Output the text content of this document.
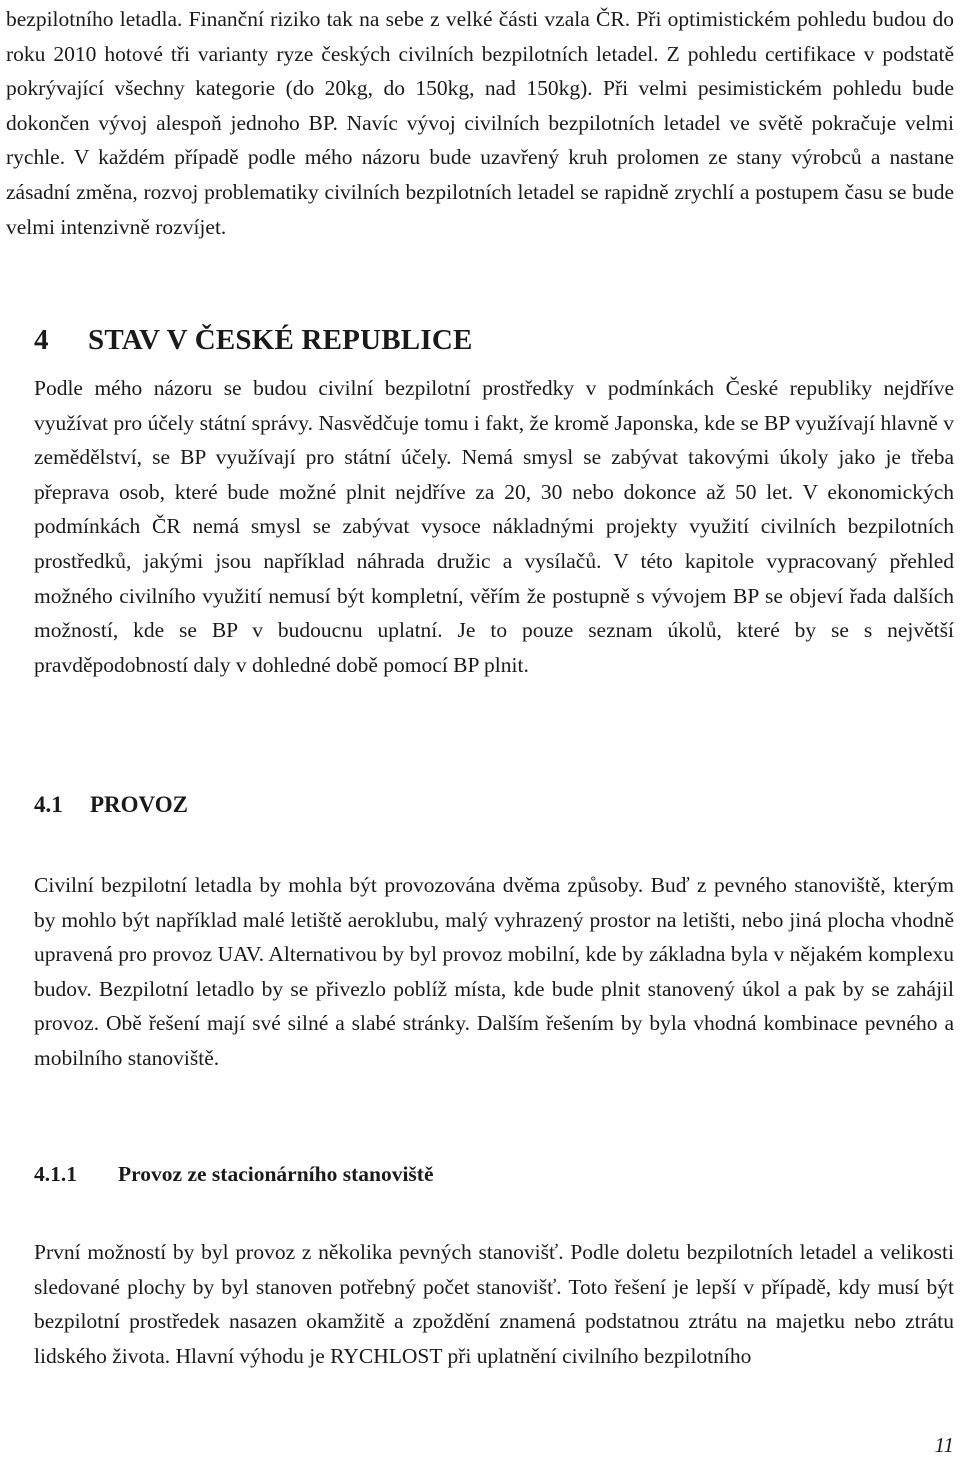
bezpilotního letadla. Finanční riziko tak na sebe z velké části vzala ČR. Při optimistickém pohledu budou do roku 2010 hotové tři varianty ryze českých civilních bezpilotních letadel. Z pohledu certifikace v podstatě pokrývající všechny kategorie (do 20kg, do 150kg, nad 150kg). Při velmi pesimistickém pohledu bude dokončen vývoj alespoň jednoho BP. Navíc vývoj civilních bezpilotních letadel ve světě pokračuje velmi rychle. V každém případě podle mého názoru bude uzavřený kruh prolomen ze stany výrobců a nastane zásadní změna, rozvoj problematiky civilních bezpilotních letadel se rapidně zrychlí a postupem času se bude velmi intenzivně rozvíjet.

4 STAV V ČESKÉ REPUBLICE

Podle mého názoru se budou civilní bezpilotní prostředky v podmínkách České republiky nejdříve využívat pro účely státní správy. Nasvědčuje tomu i fakt, že kromě Japonska, kde se BP využívají hlavně v zemědělství, se BP využívají pro státní účely. Nemá smysl se zabývat takovými úkoly jako je třeba přeprava osob, které bude možné plnit nejdříve za 20, 30 nebo dokonce až 50 let. V ekonomických podmínkách ČR nemá smysl se zabývat vysoce nákladnými projekty využití civilních bezpilotních prostředků, jakými jsou například náhrada družic a vysílačů. V této kapitole vypracovaný přehled možného civilního využití nemusí být kompletní, věřím že postupně s vývojem BP se objeví řada dalších možností, kde se BP v budoucnu uplatní. Je to pouze seznam úkolů, které by se s největší pravděpodobností daly v dohledné době pomocí BP plnit.

4.1 PROVOZ

Civilní bezpilotní letadla by mohla být provozována dvěma způsoby. Buď z pevného stanoviště, kterým by mohlo být například malé letiště aeroklubu, malý vyhrazený prostor na letišti, nebo jiná plocha vhodně upravená pro provoz UAV. Alternativou by byl provoz mobilní, kde by základna byla v nějakém komplexu budov. Bezpilotní letadlo by se přivezlo poblíž místa, kde bude plnit stanovený úkol a pak by se zahájil provoz. Obě řešení mají své silné a slabé stránky. Dalším řešením by byla vhodná kombinace pevného a mobilního stanoviště.

4.1.1 Provoz ze stacionárního stanoviště

První možností by byl provoz z několika pevných stanovišť. Podle doletu bezpilotních letadel a velikosti sledované plochy by byl stanoven potřebný počet stanovišť. Toto řešení je lepší v případě, kdy musí být bezpilotní prostředek nasazen okamžitě a zpoždění znamená podstatnou ztrátu na majetku nebo ztrátu lidského života. Hlavní výhodu je RYCHLOST při uplatnění civilního bezpilotního

11
